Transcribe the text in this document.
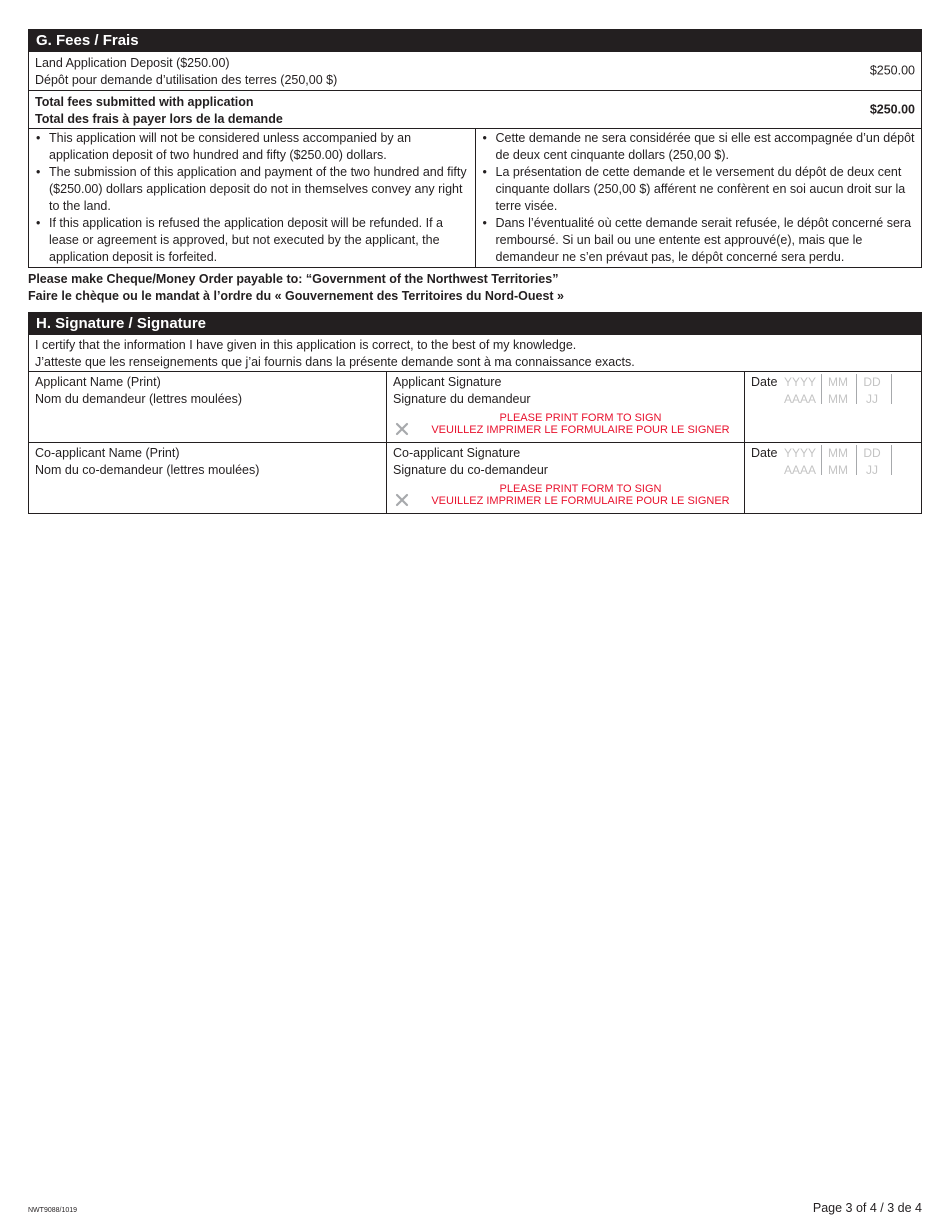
G. Fees / Frais
Land Application Deposit ($250.00)
Dépôt pour demande d’utilisation des terres (250,00 $)
$250.00
Total fees submitted with application
Total des frais à payer lors de la demande
$250.00
• This application will not be considered unless accompanied by an application deposit of two hundred and fifty ($250.00) dollars.
• The submission of this application and payment of the two hundred and fifty ($250.00) dollars application deposit do not in themselves convey any right to the land.
• If this application is refused the application deposit will be refunded. If a lease or agreement is approved, but not executed by the applicant, the application deposit is forfeited.
• Cette demande ne sera considérée que si elle est accompagnée d’un dépôt de deux cent cinquante dollars (250,00 $).
• La présentation de cette demande et le versement du dépôt de deux cent cinquante dollars (250,00 $) afférent ne confèrent en soi aucun droit sur la terre visée.
• Dans l’éventualité où cette demande serait refusée, le dépôt concerné sera remboursé. Si un bail ou une entente est approuvé(e), mais que le demandeur ne s’en prévaut pas, le dépôt concerné sera perdu.
Please make Cheque/Money Order payable to: “Government of the Northwest Territories”
Faire le chèque ou le mandat à l’ordre du « Gouvernement des Territoires du Nord-Ouest »
H. Signature / Signature
I certify that the information I have given in this application is correct, to the best of my knowledge.
J’atteste que les renseignements que j’ai fournis dans la présente demande sont à ma connaissance exacts.
Applicant Name (Print)
Nom du demandeur (lettres moulées)
Applicant Signature
Signature du demandeur
PLEASE PRINT FORM TO SIGN
VEUILLEZ IMPRIMER LE FORMULAIRE POUR LE SIGNER
Date YYYY
AAAA
MM
MM
DD
JJ
Co-applicant Name (Print)
Nom du co-demandeur (lettres moulées)
Co-applicant Signature
Signature du co-demandeur
PLEASE PRINT FORM TO SIGN
VEUILLEZ IMPRIMER LE FORMULAIRE POUR LE SIGNER
Date YYYY
AAAA
MM
MM
DD
JJ
NWT9088/1019	Page 3 of 4 / 3 de 4
